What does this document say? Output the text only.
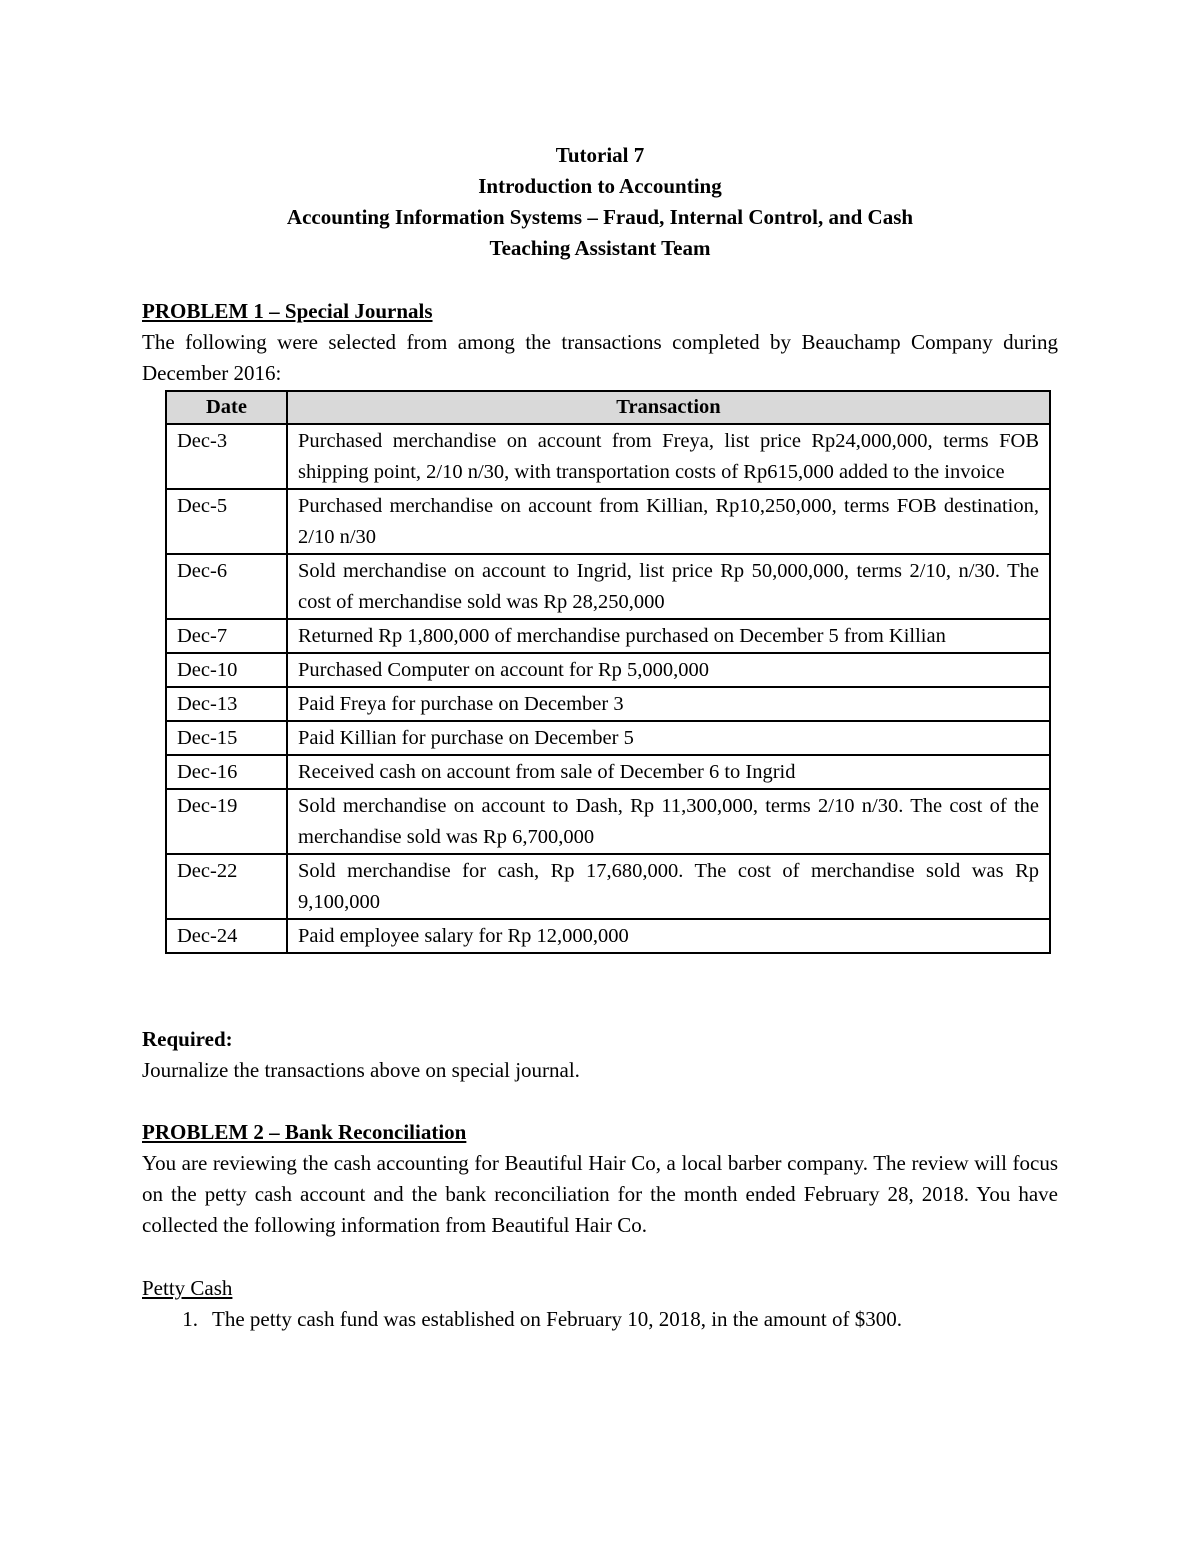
Tutorial 7
Introduction to Accounting
Accounting Information Systems – Fraud, Internal Control, and Cash
Teaching Assistant Team
PROBLEM 1 – Special Journals
The following were selected from among the transactions completed by Beauchamp Company during December 2016:
Date	Transaction
Dec-3	Purchased merchandise on account from Freya, list price Rp24,000,000, terms FOB shipping point, 2/10 n/30, with transportation costs of Rp615,000 added to the invoice
Dec-5	Purchased merchandise on account from Killian, Rp10,250,000, terms FOB destination, 2/10 n/30
Dec-6	Sold merchandise on account to Ingrid, list price Rp 50,000,000, terms 2/10, n/30. The cost of merchandise sold was Rp 28,250,000
Dec-7	Returned Rp 1,800,000 of merchandise purchased on December 5 from Killian
Dec-10	Purchased Computer on account for Rp 5,000,000
Dec-13	Paid Freya for purchase on December 3
Dec-15	Paid Killian for purchase on December 5
Dec-16	Received cash on account from sale of December 6 to Ingrid
Dec-19	Sold merchandise on account to Dash, Rp 11,300,000, terms 2/10 n/30. The cost of the merchandise sold was Rp 6,700,000
Dec-22	Sold merchandise for cash, Rp 17,680,000. The cost of merchandise sold was Rp 9,100,000
Dec-24	Paid employee salary for Rp 12,000,000
Required:
Journalize the transactions above on special journal.
PROBLEM 2 – Bank Reconciliation
You are reviewing the cash accounting for Beautiful Hair Co, a local barber company. The review will focus on the petty cash account and the bank reconciliation for the month ended February 28, 2018. You have collected the following information from Beautiful Hair Co.
Petty Cash
1. The petty cash fund was established on February 10, 2018, in the amount of $300.
